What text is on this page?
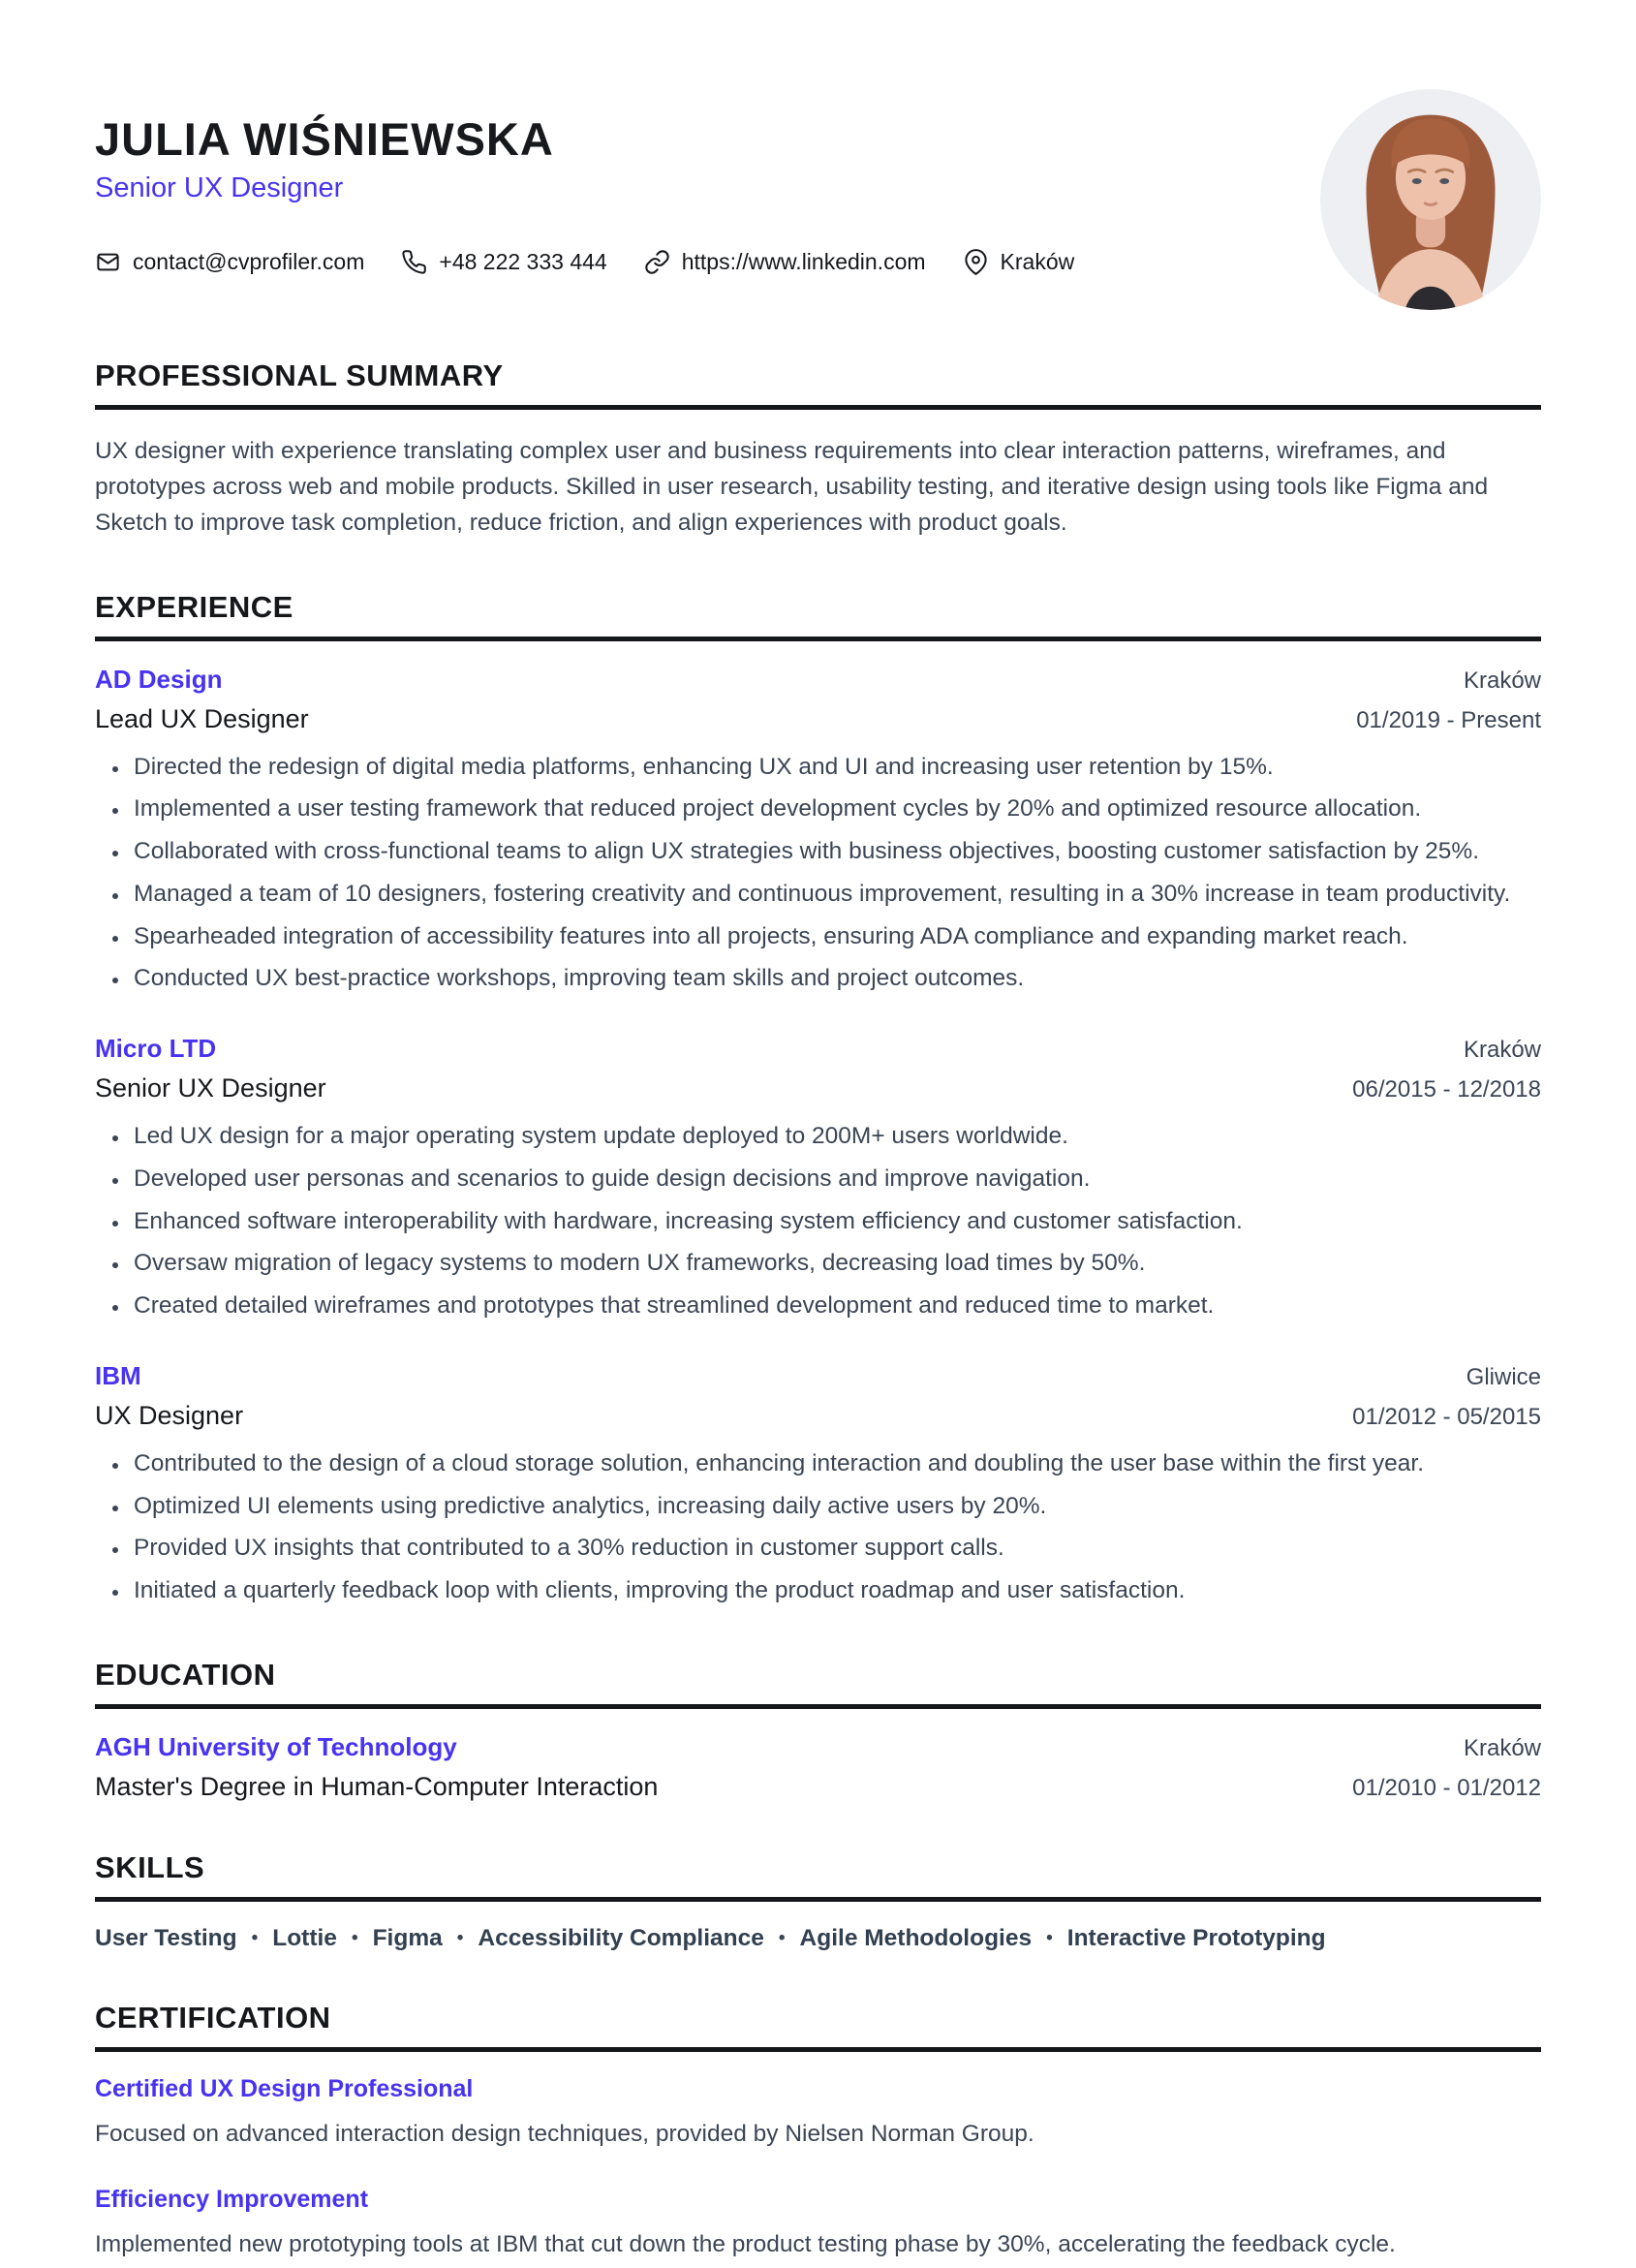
JULIA WIŚNIEWSKA
Senior UX Designer
contact@cvprofiler.com	+48 222 333 444	https://www.linkedin.com	Kraków
PROFESSIONAL SUMMARY

UX designer with experience translating complex user and business requirements into clear interaction patterns, wireframes, and prototypes across web and mobile products. Skilled in user research, usability testing, and iterative design using tools like Figma and Sketch to improve task completion, reduce friction, and align experiences with product goals.

EXPERIENCE
AD Design	Kraków
Lead UX Designer	01/2019 - Present
• Directed the redesign of digital media platforms, enhancing UX and UI and increasing user retention by 15%.
• Implemented a user testing framework that reduced project development cycles by 20% and optimized resource allocation.
• Collaborated with cross-functional teams to align UX strategies with business objectives, boosting customer satisfaction by 25%.
• Managed a team of 10 designers, fostering creativity and continuous improvement, resulting in a 30% increase in team productivity.
• Spearheaded integration of accessibility features into all projects, ensuring ADA compliance and expanding market reach.
• Conducted UX best-practice workshops, improving team skills and project outcomes.
Micro LTD	Kraków
Senior UX Designer	06/2015 - 12/2018
• Led UX design for a major operating system update deployed to 200M+ users worldwide.
• Developed user personas and scenarios to guide design decisions and improve navigation.
• Enhanced software interoperability with hardware, increasing system efficiency and customer satisfaction.
• Oversaw migration of legacy systems to modern UX frameworks, decreasing load times by 50%.
• Created detailed wireframes and prototypes that streamlined development and reduced time to market.
IBM	Gliwice
UX Designer	01/2012 - 05/2015
• Contributed to the design of a cloud storage solution, enhancing interaction and doubling the user base within the first year.
• Optimized UI elements using predictive analytics, increasing daily active users by 20%.
• Provided UX insights that contributed to a 30% reduction in customer support calls.
• Initiated a quarterly feedback loop with clients, improving the product roadmap and user satisfaction.
EDUCATION
AGH University of Technology	Kraków
Master's Degree in Human-Computer Interaction	01/2010 - 01/2012
SKILLS
User Testing • Lottie • Figma • Accessibility Compliance • Agile Methodologies • Interactive Prototyping
CERTIFICATION
Certified UX Design Professional
Focused on advanced interaction design techniques, provided by Nielsen Norman Group.
Efficiency Improvement
Implemented new prototyping tools at IBM that cut down the product testing phase by 30%, accelerating the feedback cycle.
